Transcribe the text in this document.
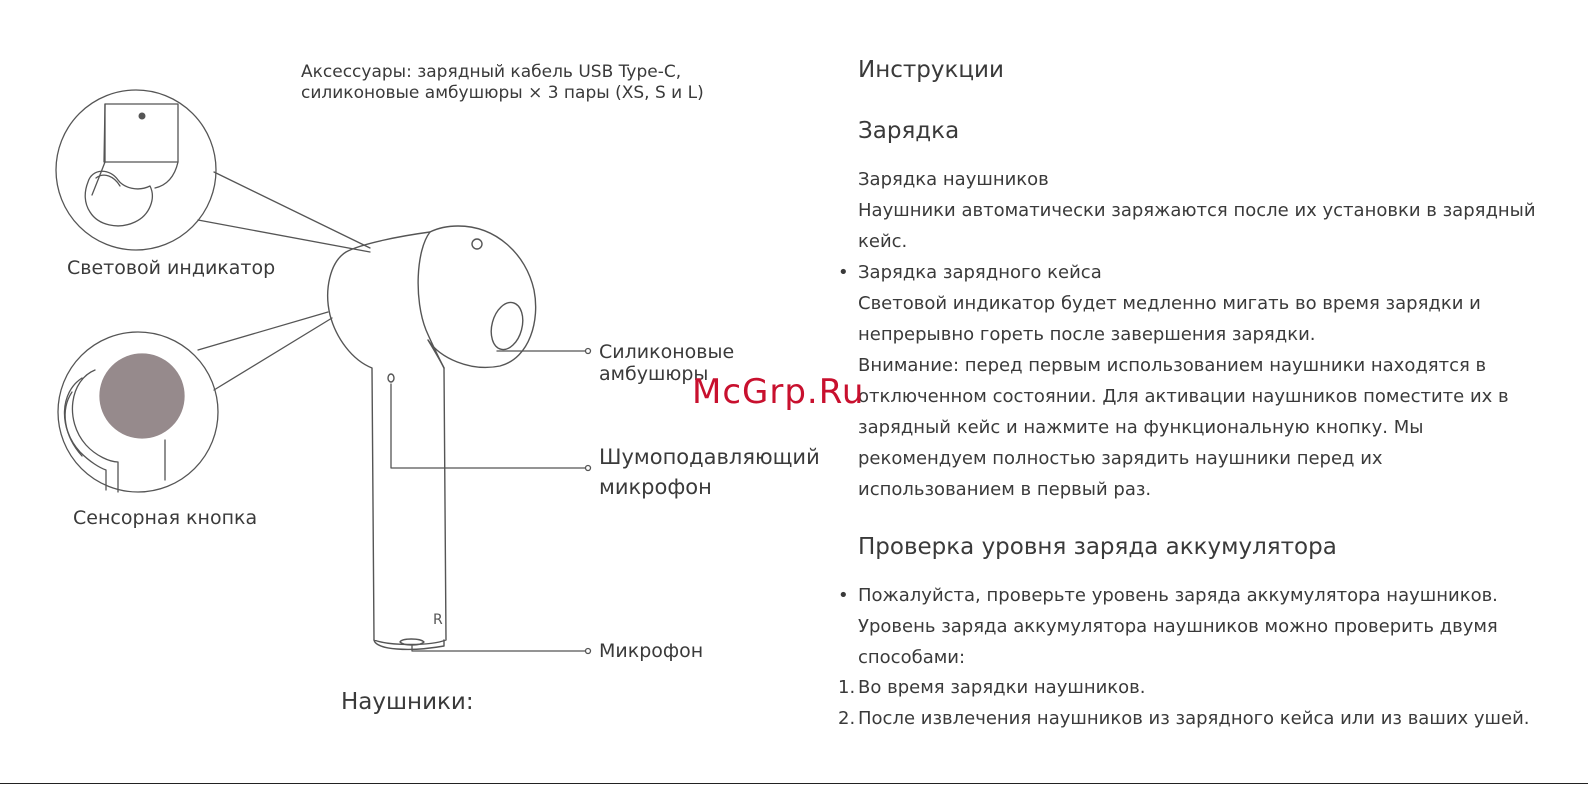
R
Аксессуары: зарядный кабель USB Type-C,
силиконовые амбушюры × 3 пары (XS, S и L)
Световой индикатор
Сенсорная кнопка
Силиконовые
амбушюры
Шумоподавляющий
микрофон
Микрофон
Наушники:
Инструкции
Зарядка
Зарядка наушников
Наушники автоматически заряжаются после их установки в зарядный
кейс.
• Зарядка зарядного кейса
Световой индикатор будет медленно мигать во время зарядки и
непрерывно гореть после завершения зарядки.
Внимание: перед первым использованием наушники находятся в
отключенном состоянии. Для активации наушников поместите их в
зарядный кейс и нажмите на функциональную кнопку. Мы
рекомендуем полностью зарядить наушники перед их
использованием в первый раз.
Проверка уровня заряда аккумулятора
• Пожалуйста, проверьте уровень заряда аккумулятора наушников.
Уровень заряда аккумулятора наушников можно проверить двумя
способами:
1. Во время зарядки наушников.
2. После извлечения наушников из зарядного кейса или из ваших ушей.
McGrp.Ru
